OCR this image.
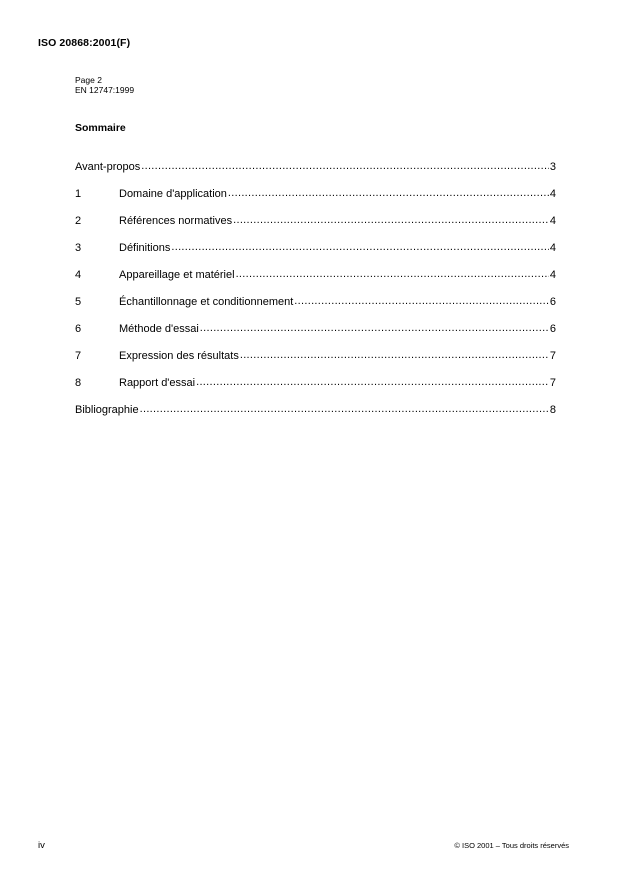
ISO 20868:2001(F)
Page 2
EN 12747:1999
Sommaire
Avant-propos .....	3
1	Domaine d'application .....	4
2	Références normatives .....	4
3	Définitions .....	4
4	Appareillage et matériel .....	4
5	Échantillonnage et conditionnement .....	6
6	Méthode d'essai .....	6
7	Expression des résultats .....	7
8	Rapport d'essai .....	7
Bibliographie .....	8
iv	© ISO 2001 – Tous droits réservés
